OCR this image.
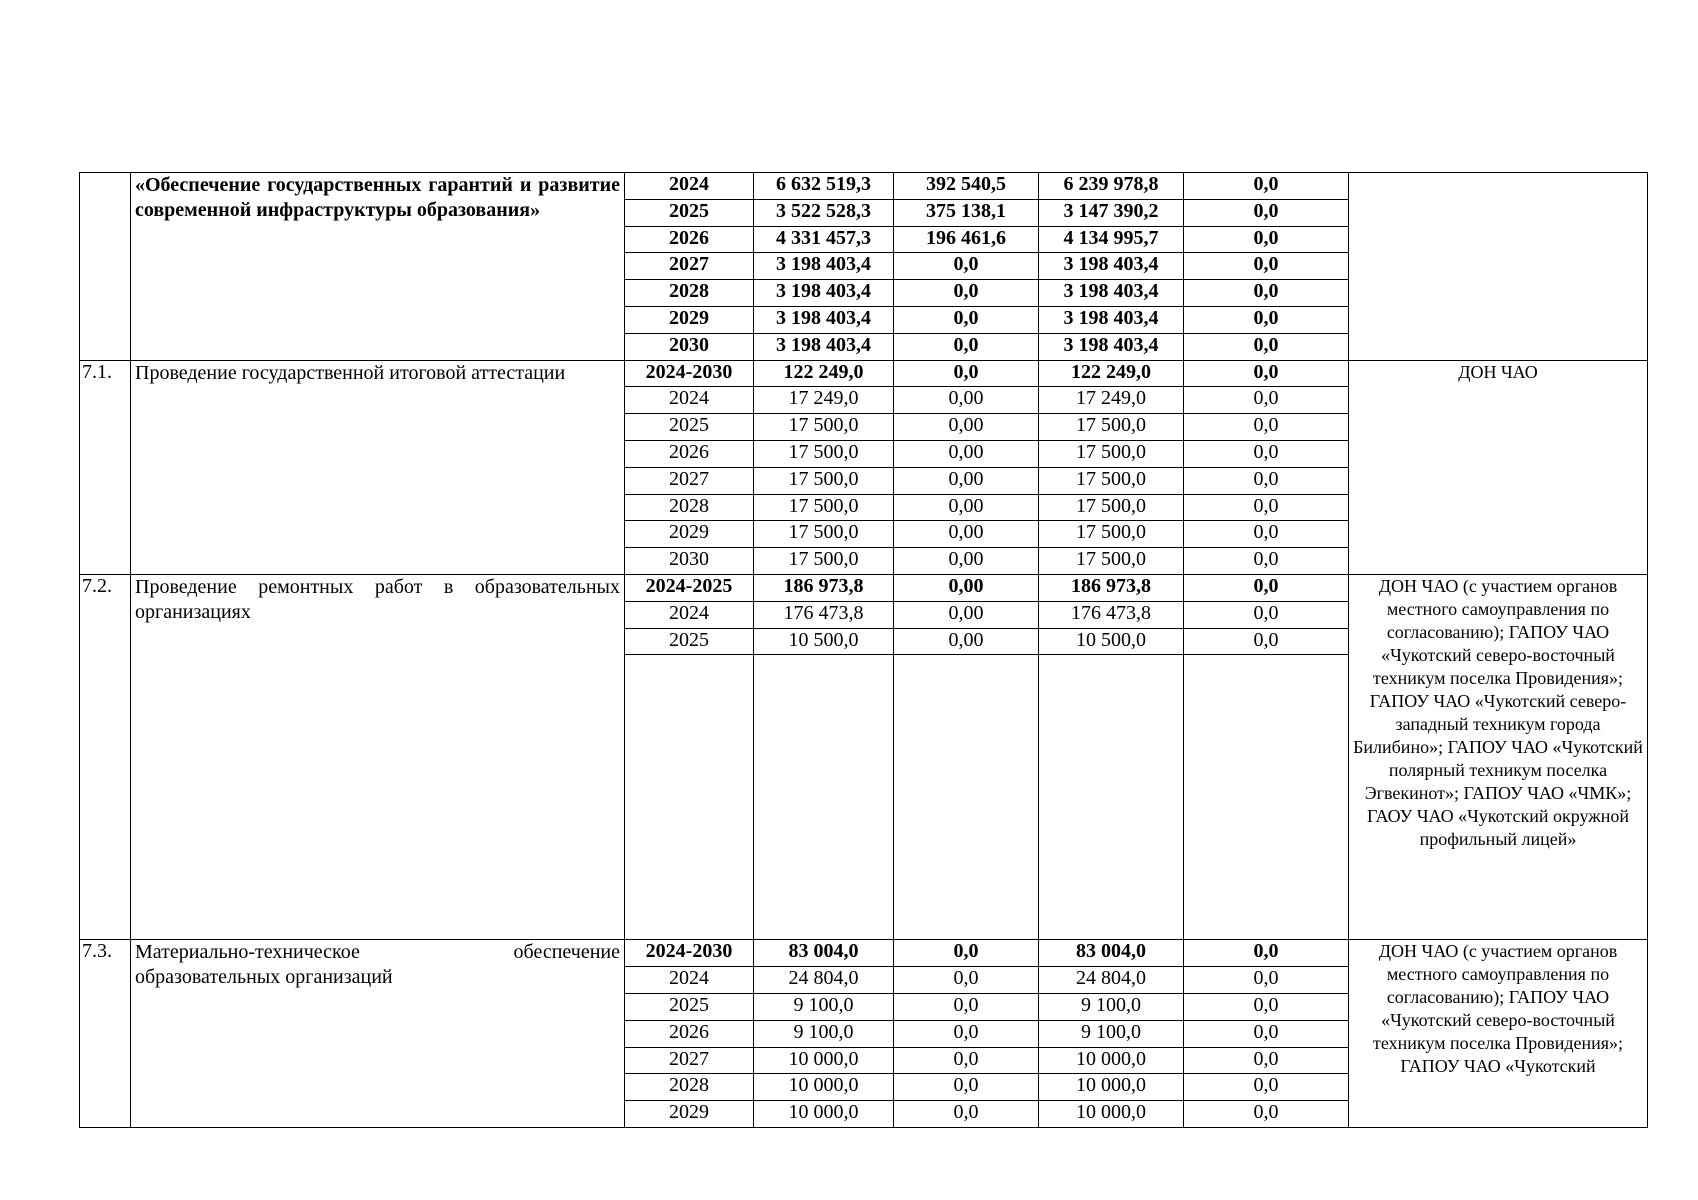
	«Обеспечение государственных гарантий и развитие современной инфраструктуры образования»	2024	6 632 519,3	392 540,5	6 239 978,8	0,0	
		2025	3 522 528,3	375 138,1	3 147 390,2	0,0	
		2026	4 331 457,3	196 461,6	4 134 995,7	0,0	
		2027	3 198 403,4	0,0	3 198 403,4	0,0	
		2028	3 198 403,4	0,0	3 198 403,4	0,0	
		2029	3 198 403,4	0,0	3 198 403,4	0,0	
		2030	3 198 403,4	0,0	3 198 403,4	0,0	
7.1.	Проведение государственной итоговой аттестации	2024-2030	122 249,0	0,0	122 249,0	0,0	ДОН ЧАО
		2024	17 249,0	0,00	17 249,0	0,0	
		2025	17 500,0	0,00	17 500,0	0,0	
		2026	17 500,0	0,00	17 500,0	0,0	
		2027	17 500,0	0,00	17 500,0	0,0	
		2028	17 500,0	0,00	17 500,0	0,0	
		2029	17 500,0	0,00	17 500,0	0,0	
		2030	17 500,0	0,00	17 500,0	0,0	
7.2.	Проведение ремонтных работ в образовательных организациях	2024-2025	186 973,8	0,00	186 973,8	0,0	ДОН ЧАО (с участием органов местного самоуправления по согласованию); ГАПОУ ЧАО «Чукотский северо-восточный техникум поселка Провидения»; ГАПОУ ЧАО «Чукотский северо-западный техникум города Билибино»; ГАПОУ ЧАО «Чукотский полярный техникум поселка Эгвекинот»; ГАПОУ ЧАО «ЧМК»; ГАОУ ЧАО «Чукотский окружной профильный лицей»
		2024	176 473,8	0,00	176 473,8	0,0	
		2025	10 500,0	0,00	10 500,0	0,0	

7.3.	Материально-техническое обеспечение образовательных организаций	2024-2030	83 004,0	0,0	83 004,0	0,0	ДОН ЧАО (с участием органов местного самоуправления по согласованию); ГАПОУ ЧАО «Чукотский северо-восточный техникум поселка Провидения»; ГАПОУ ЧАО «Чукотский
		2024	24 804,0	0,0	24 804,0	0,0	
		2025	9 100,0	0,0	9 100,0	0,0	
		2026	9 100,0	0,0	9 100,0	0,0	
		2027	10 000,0	0,0	10 000,0	0,0	
		2028	10 000,0	0,0	10 000,0	0,0	
		2029	10 000,0	0,0	10 000,0	0,0	
